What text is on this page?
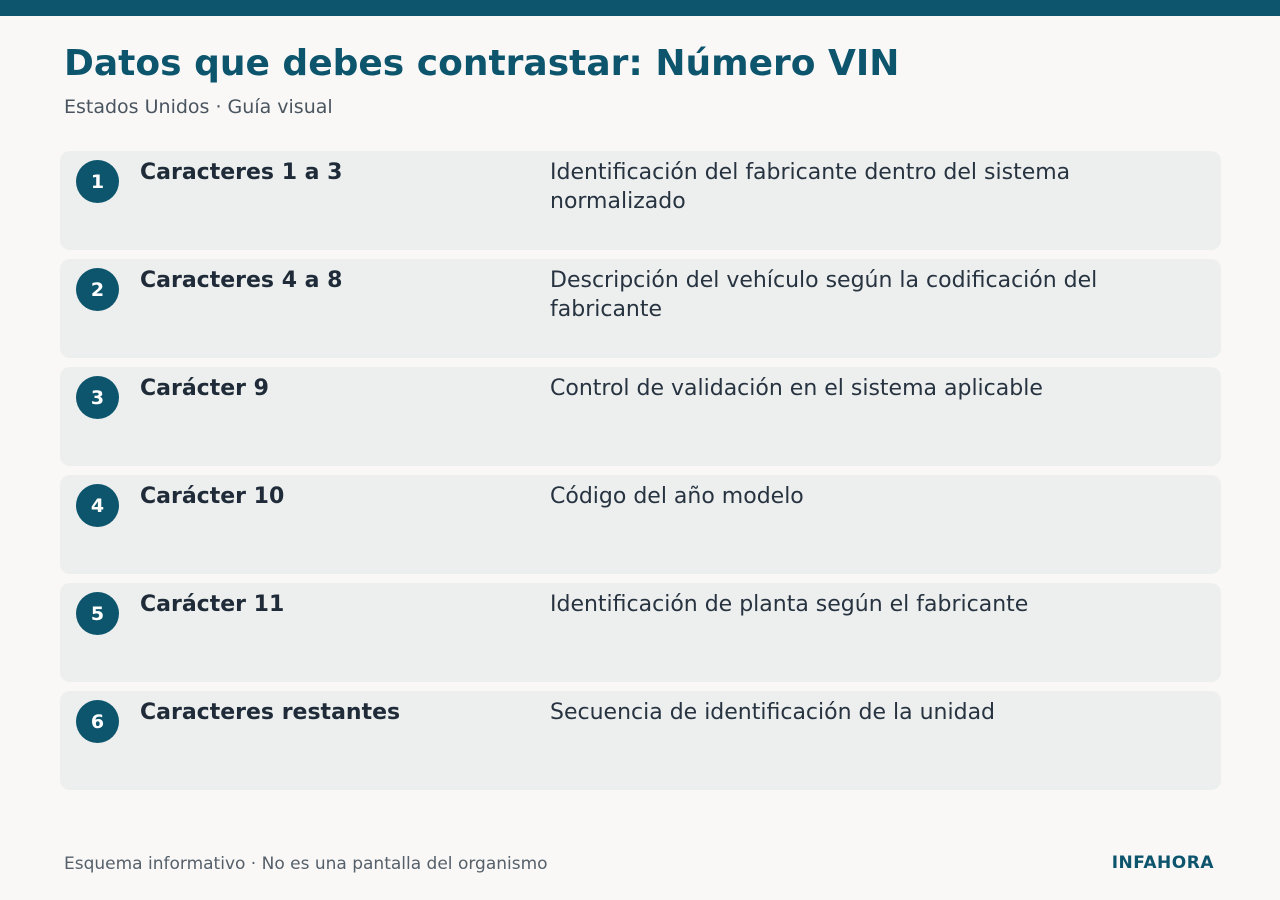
Datos que debes contrastar: Número VIN
Estados Unidos · Guía visual
1	Caracteres 1 a 3	Identificación del fabricante dentro del sistema normalizado
2	Caracteres 4 a 8	Descripción del vehículo según la codificación del fabricante
3	Carácter 9	Control de validación en el sistema aplicable
4	Carácter 10	Código del año modelo
5	Carácter 11	Identificación de planta según el fabricante
6	Caracteres restantes	Secuencia de identificación de la unidad
Esquema informativo · No es una pantalla del organismo	INFAHORA
